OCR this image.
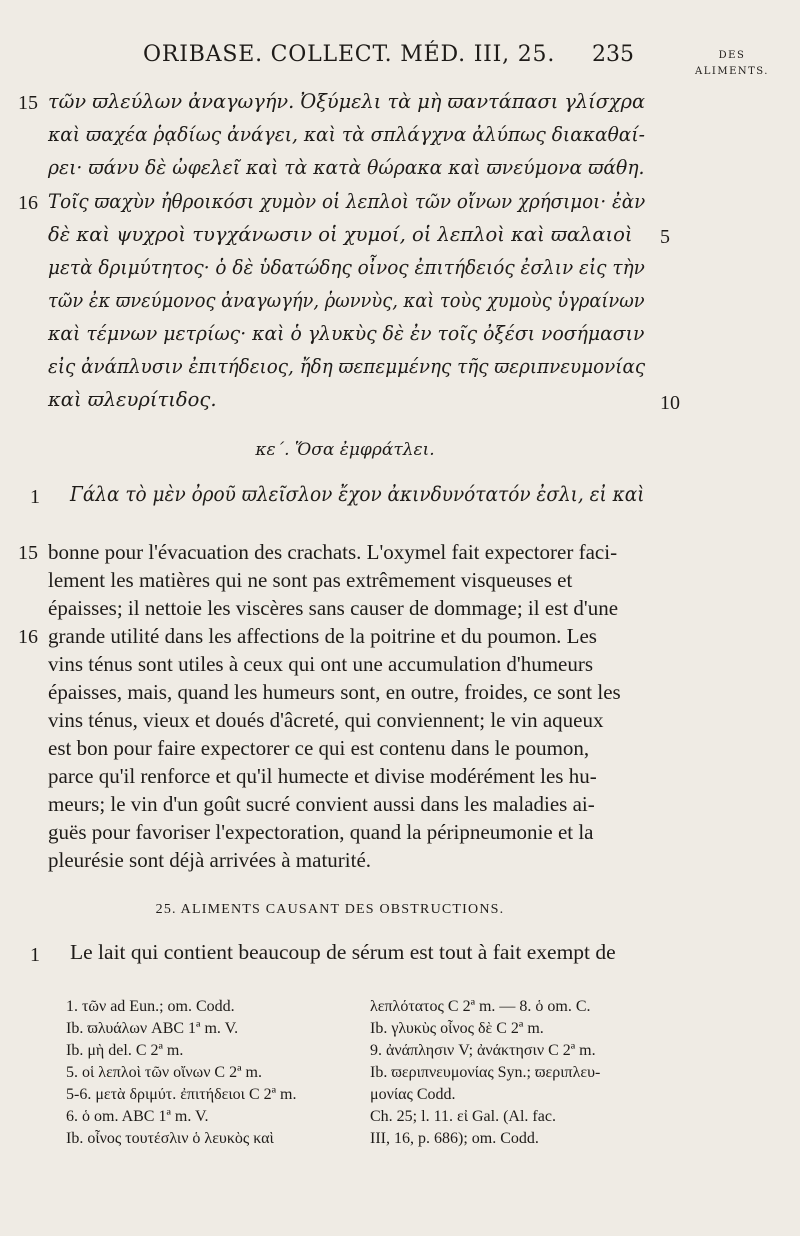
ORIBASE. COLLECT. MÉD. III, 25. 235	DES
ALIMENTS.
15 τῶν ϖλεύλων ἀναγωγήν. Ὀξύμελι τὰ μὴ ϖαντάπασι γλίσχρα
καὶ ϖαχέα ῥᾳδίως ἀνάγει, καὶ τὰ σπλάγχνα ἀλύπως διακαθαί-
ρει· ϖάνυ δὲ ὠφελεῖ καὶ τὰ κατὰ θώρακα καὶ ϖνεύμονα ϖάθη.
16 Τοῖς ϖαχὺν ἠθροικόσι χυμὸν οἱ λεπλοὶ τῶν οἴνων χρήσιμοι· ἐὰν
δὲ καὶ ψυχροὶ τυγχάνωσιν οἱ χυμοί, οἱ λεπλοὶ καὶ ϖαλαιοὶ 5
μετὰ δριμύτητος· ὁ δὲ ὑδατώδης οἶνος ἐπιτήδειός ἐσλιν εἰς τὴν
τῶν ἐκ ϖνεύμονος ἀναγωγήν, ῥωννὺς, καὶ τοὺς χυμοὺς ὑγραίνων
καὶ τέμνων μετρίως· καὶ ὁ γλυκὺς δὲ ἐν τοῖς ὀξέσι νοσήμασιν
εἰς ἀνάπλυσιν ἐπιτήδειος, ἤδη ϖεπεμμένης τῆς ϖεριπνευμονίας
καὶ ϖλευρίτιδος.	10
κε΄. Ὅσα ἐμφράτλει.
1 Γάλα τὸ μὲν ὀροῦ ϖλεῖσλον ἔχον ἀκινδυνότατόν ἐσλι, εἰ καὶ
15 bonne pour l'évacuation des crachats. L'oxymel fait expectorer faci-
lement les matières qui ne sont pas extrêmement visqueuses et
épaisses; il nettoie les viscères sans causer de dommage; il est d'une
16 grande utilité dans les affections de la poitrine et du poumon. Les
vins ténus sont utiles à ceux qui ont une accumulation d'humeurs
épaisses, mais, quand les humeurs sont, en outre, froides, ce sont les
vins ténus, vieux et doués d'âcreté, qui conviennent; le vin aqueux
est bon pour faire expectorer ce qui est contenu dans le poumon,
parce qu'il renforce et qu'il humecte et divise modérément les hu-
meurs; le vin d'un goût sucré convient aussi dans les maladies ai-
guës pour favoriser l'expectoration, quand la péripneumonie et la
pleurésie sont déjà arrivées à maturité.
25. ALIMENTS CAUSANT DES OBSTRUCTIONS.
1 Le lait qui contient beaucoup de sérum est tout à fait exempt de
1. τῶν ad Eun.; om. Codd.
Ib. ϖλυάλων ABC 1ª m. V.
Ib. μὴ del. C 2ª m.
5. οἱ λεπλοὶ τῶν οἴνων C 2ª m.
5-6. μετὰ δριμύτ. ἐπιτήδειοι C 2ª m.
6. ὁ om. ABC 1ª m. V.
Ib. οἶνος τουτέσλιν ὁ λευκὸς καὶ
λεπλότατος C 2ª m. — 8. ὁ om. C.
Ib. γλυκὺς οἶνος δὲ C 2ª m.
9. ἀνάπλησιν V; ἀνάκτησιν C 2ª m.
Ib. ϖεριπνευμονίας Syn.; ϖεριπλευ-
μονίας Codd.
Ch. 25; l. 11. εἰ Gal. (Al. fac.
III, 16, p. 686); om. Codd.
